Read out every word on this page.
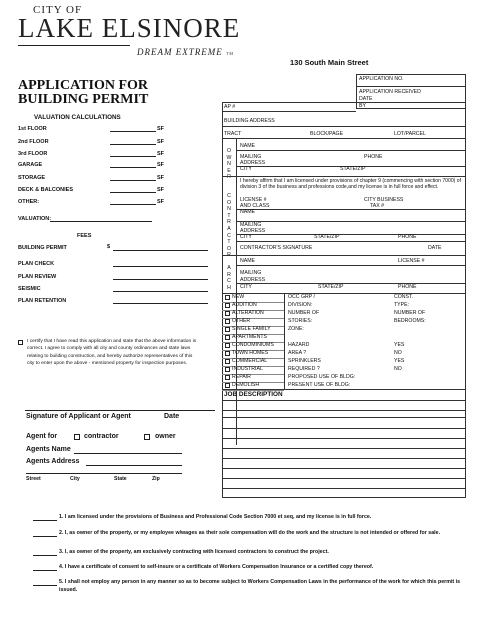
CITY OF
LAKE ELSINORE
DREAM EXTREME TM
130 South Main Street
APPLICATION FOR
BUILDING PERMIT
VALUATION CALCULATIONS
1st FLOOR	SF
2nd FLOOR	SF
3rd FLOOR	SF
GARAGE	SF
STORAGE	SF
DECK & BALCONIES	SF
OTHER:	SF
VALUATION:
FEES
BUILDING PERMIT	$
PLAN CHECK
PLAN REVIEW
SEISMIC
PLAN RETENTION
I certify that I have read this application and state that the above information is correct. I agree to comply with all city and county ordinances and state laws relating to building construction, and hereby authorize representatives of this city to enter upon the above - mentioned property for inspection purposes.
Signature of Applicant or Agent	Date
Agent for	contractor	owner
Agents Name
Agents Address
Street	City	State	Zip
APPLICATION NO.
APPLICATION RECEIVED
DATE
BY
AP #
BUILDING ADDRESS
TRACT	BLOCK/PAGE	LOT/PARCEL
O
W
N
E
R
NAME
MAILING	PHONE
ADDRESS
CITY	STATE/ZIP
I hereby affirm that I am licensed under provisions of chapter 9 (commencing with section 7000) of division 3 of the business and professions code,and my license is in full force and effect.
C
O
N
T
R
A
C
T
O
R
LICENSE #	CITY BUSINESS
AND CLASS	TAX #
NAME
MAILING
ADDRESS
CITY	STATE/ZIP	PHONE
CONTRACTOR'S SIGNATURE	DATE
A
R
C
H
NAME	LICENSE #
MAILING
ADDRESS
CITY	STATE/ZIP	PHONE
NEW	OCC GRP /	CONST.
ADDITION	DIVISION:	TYPE:
ALTERATION	NUMBER OF	NUMBER OF
OTHER	STORIES:	BEDROOMS:
SINGLE FAMILY	ZONE:
APARTMENTS
CONDOMINIUMS	HAZARD	YES
TOWN HOMES	AREA ?	NO
COMMERCIAL	SPRINKLERS	YES
INDUSTRIAL	REQUIRED ?	NO
REPAIR	PROPOSED USE OF BLDG:
DEMOLISH	PRESENT USE OF BLDG:
JOB DESCRIPTION
1. I am licensed under the provisions of Business and Professional Code Section 7000 et seq, and my license is in full force.
2. I, as owner of the property, or my employee w/wages as their sole compensation will do the work and the structure is not intended or offered for sale.
3. I, as owner of the property, am exclusively contracting with licensed contractors to construct the project.
4. I have a certificate of consent to self-insure or a certificate of Workers Compensation Insurance or a certified copy thereof.
5. I shall not employ any person in any manner so as to become subject to Workers Compensation Laws in the performance of the work for which this permit is issued.
